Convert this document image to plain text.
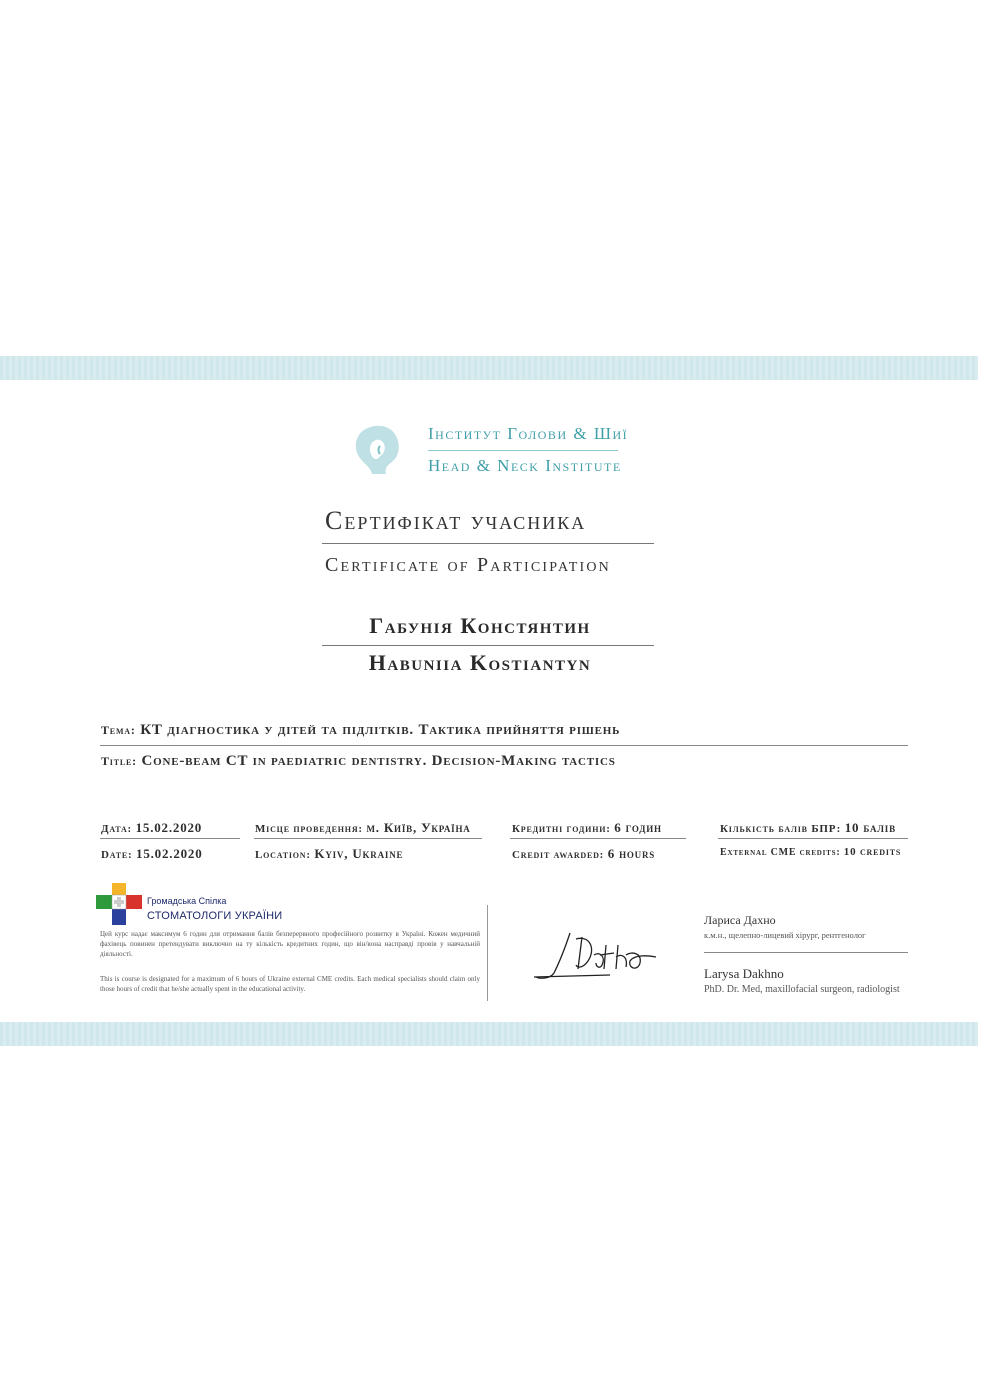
Інститут Голови & Шиї
Head & Neck Institute
Сертифікат учасника
Certificate of Participation
Габунія Констянтин
Habuniia Kostiantyn
Тема: КТ діагностика у дітей та підлітків. Тактика прийняття рішень
Title: Cone-beam CT in paediatric dentistry. Decision-Making tactics
Дата: 15.02.2020
Date: 15.02.2020
Місце проведення: м. Київ, Україна
Location: Kyiv, Ukraine
Кредитні години: 6 годин
Credit awarded: 6 hours
Кількість балів БПР: 10 балів
External CME credits: 10 credits
Громадська Спілка
СТОМАТОЛОГИ УКРАЇНИ
Цей курс надає максимум 6 годин для отримання балів безперервного професійного розвитку в Україні. Кожен медичний фахівець повинен претендувати виключно на ту кількість кредитних годин, що він/вона насправді провів у навчальній діяльності.
This is course is designated for a maximum of 6 hours of Ukraine external CME credits. Each medical specialists should claim only those hours of credit that he/she actually spent in the educational activity.
Лариса Дахно
к.м.н., щелепно-лицевий хірург, рентгенолог
Larysa Dakhno
PhD. Dr. Med, maxillofacial surgeon, radiologist
